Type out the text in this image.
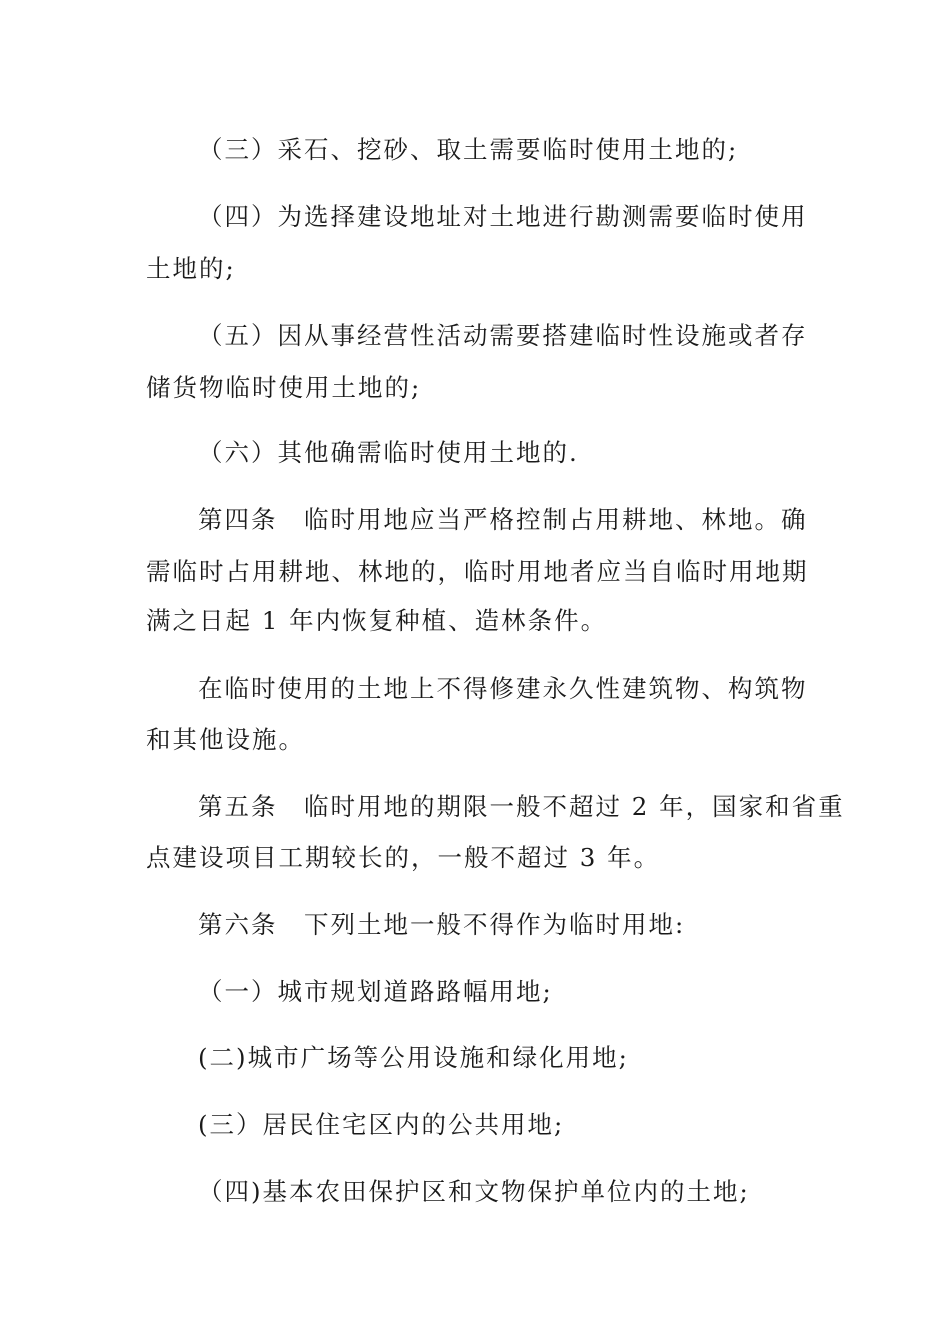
（三）采石、挖砂、取土需要临时使用土地的;
（四）为选择建设地址对土地进行勘测需要临时使用
土地的;
（五）因从事经营性活动需要搭建临时性设施或者存
储货物临时使用土地的;
（六）其他确需临时使用土地的.
第四条　临时用地应当严格控制占用耕地、林地。确
需临时占用耕地、林地的，临时用地者应当自临时用地期
满之日起 1 年内恢复种植、造林条件。
在临时使用的土地上不得修建永久性建筑物、构筑物
和其他设施。
第五条　临时用地的期限一般不超过 2 年，国家和省重
点建设项目工期较长的，一般不超过 3 年。
第六条　下列土地一般不得作为临时用地:
（一）城市规划道路路幅用地;
(二)城市广场等公用设施和绿化用地;
(三）居民住宅区内的公共用地;
（四)基本农田保护区和文物保护单位内的土地;
